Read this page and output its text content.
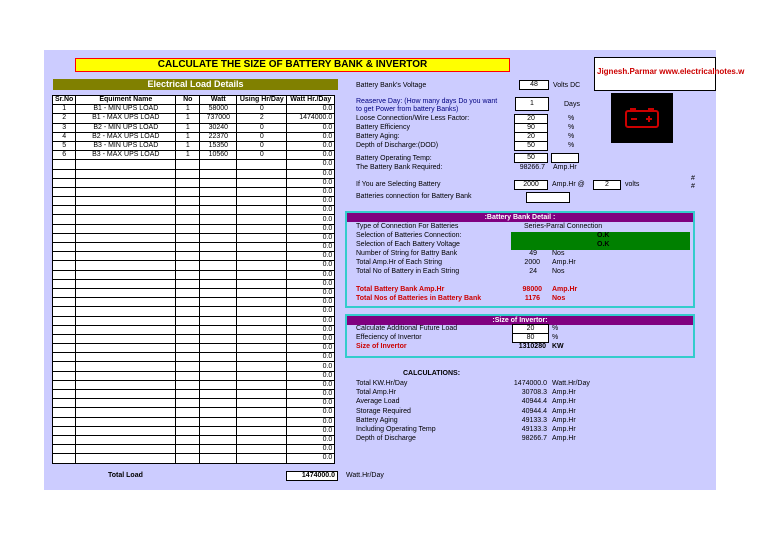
CALCULATE THE SIZE OF BATTERY BANK & INVERTOR
Jignesh.Parmar www.electricalnotes.w
Electrical Load Details
Sr.No	Equiment Name	No	Watt	Using Hr/Day	Watt Hr./Day
1	B1 - MIN UPS LOAD	1	58000	0	0.0
2	B1 - MAX UPS LOAD	1	737000	2	1474000.0
3	B2 - MIN UPS LOAD	1	30240	0	0.0
4	B2 - MAX UPS LOAD	1	22370	0	0.0
5	B3 - MIN UPS LOAD	1	15350	0	0.0
6	B3 - MAX UPS LOAD	1	10560	0	0.0
					0.0
					0.0
					0.0
					0.0
					0.0
					0.0
					0.0
					0.0
					0.0
					0.0
					0.0
					0.0
					0.0
					0.0
					0.0
					0.0
					0.0
					0.0
					0.0
					0.0
					0.0
					0.0
					0.0
					0.0
					0.0
					0.0
					0.0
					0.0
					0.0
					0.0
					0.0
					0.0
					0.0
Total Load	1474000.0	Watt.Hr/Day
Battery Bank's Voltage	48	Volts DC
Reaserve Day: (How many days Do you want
to get Power from battery Banks)
1	Days
Loose Connection/Wire Less Factor:	20	%
Battery Efficiency	90	%
Battery Aging:	20	%
Depth of Discharge:(DOD)	50	%
Battery Operating Temp:	50
The Battery Bank Required:	98266.7 Amp.Hr
If You are Selecting Battery	2000	Amp.Hr @	2	volts
#
#
Batteries connection for Battery Bank
:Battery Bank Detail :
Type of Connection For Batteries	Series-Parral Connection
Selection of Batteries Connection:	O.K
Selection of Each Battery Voltage	O.K
Number of String for Battry Bank	49 Nos
Total Amp.Hr of Each String	2000 Amp.Hr
Total No of Battery in Each String	24 Nos
Total Battery Bank Amp.Hr	98000 Amp.Hr
Total Nos of Batteries in Battery Bank	1176 Nos
:Size of Invertor:
Calculate Additional Future Load	20	%
Effeciency of Invertor	80	%
Size of Invertor	1310280 KW
CALCULATIONS:
Total KW.Hr/Day	1474000.0 Watt.Hr/Day
Total Amp.Hr	30708.3 Amp.Hr
Average Load	40944.4 Amp.Hr
Storage Required	40944.4 Amp.Hr
Battery Aging	49133.3 Amp.Hr
Including Operating Temp	49133.3 Amp.Hr
Depth of Discharge	98266.7 Amp.Hr
